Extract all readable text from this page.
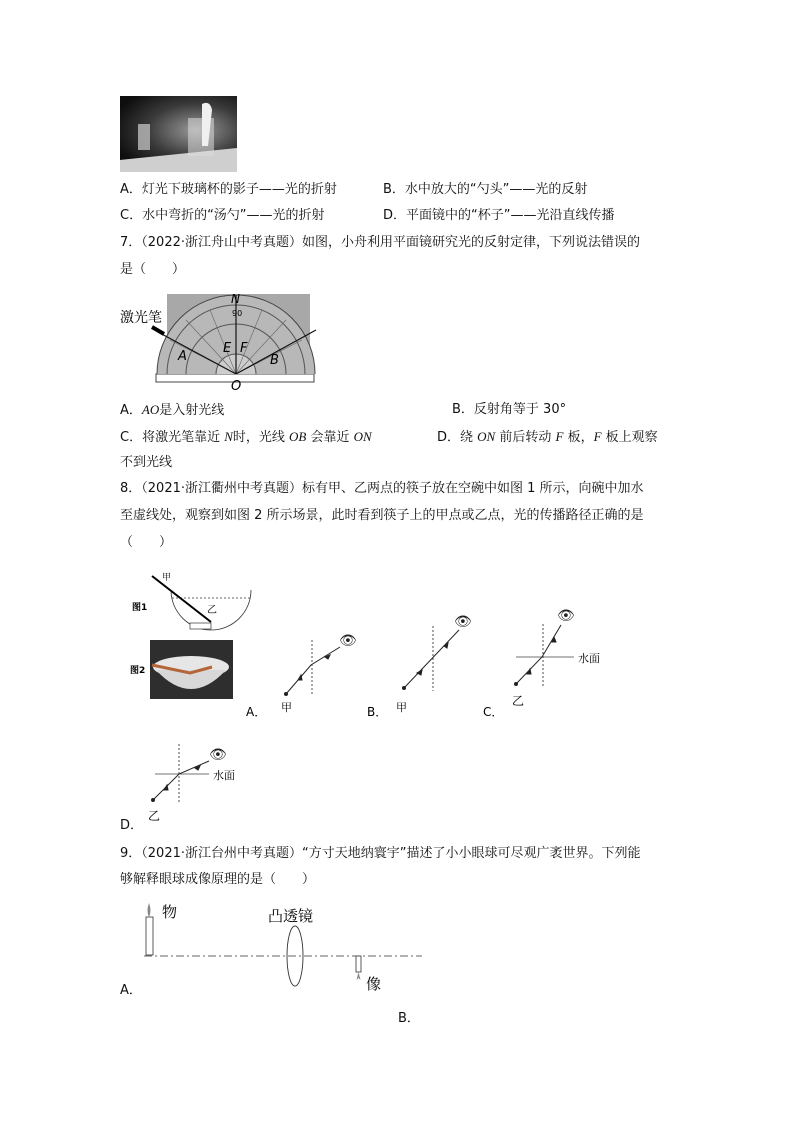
A．灯光下玻璃杯的影子——光的折射	B．水中放大的“勺头”——光的反射
C．水中弯折的“汤勺”——光的折射	D．平面镜中的“杯子”——光沿直线传播
7．（2022·浙江舟山中考真题）如图，小舟利用平面镜研究光的反射定律，下列说法错误的
是（　　）
激光笔
N
90
E F
A	B
O
A．AO是入射光线	B．反射角等于 30°
C．将激光笔靠近 N时，光线 OB 会靠近 ON	D．绕 ON 前后转动 F 板，F 板上观察
不到光线
8．（2021·浙江衢州中考真题）标有甲、乙两点的筷子放在空碗中如图 1 所示，向碗中加水
至虚线处，观察到如图 2 所示场景，此时看到筷子上的甲点或乙点，光的传播路径正确的是
（　　）
图1
甲
乙
图2
👁
甲
A．
👁
甲
B．
👁
水面
乙
C．
👁
水面
乙
D．
9．（2021·浙江台州中考真题）“方寸天地纳寰宇”描述了小小眼球可尽观广袤世界。下列能
够解释眼球成像原理的是（　　）
物	凸透镜
像
A．
B．
